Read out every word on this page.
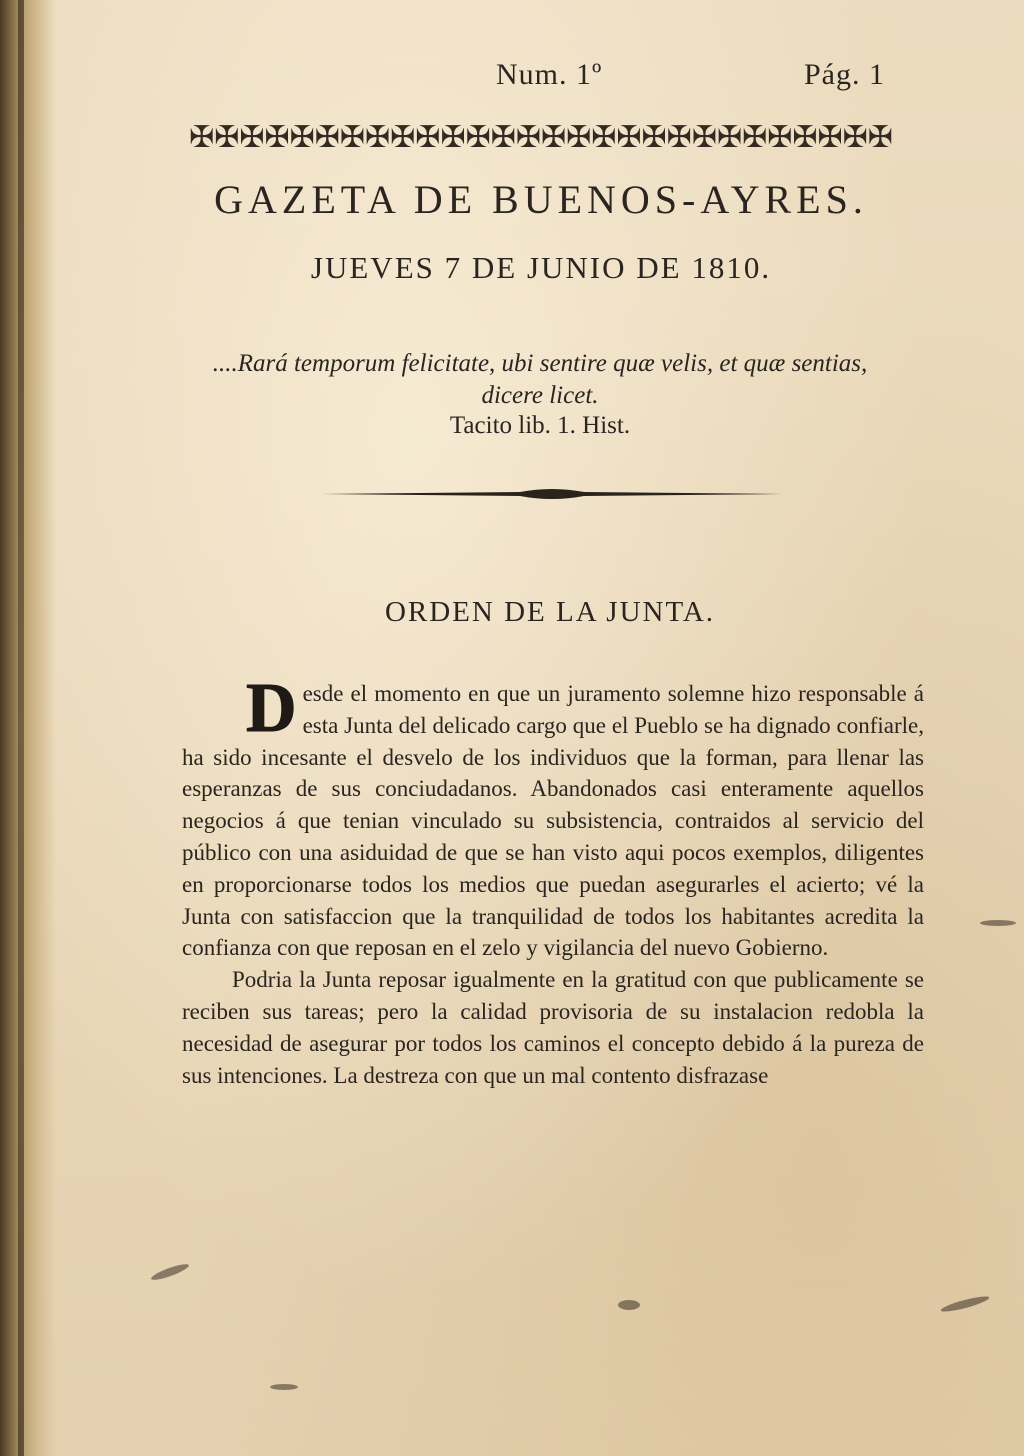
Num. 1º	Pág. 1
✠✠✠✠✠✠✠✠✠✠✠✠✠✠✠✠✠✠✠✠✠✠✠✠✠✠✠✠
GAZETA DE BUENOS-AYRES.
JUEVES 7 DE JUNIO DE 1810.
....Rará temporum felicitate, ubi sentire quæ velis, et quæ sentias, dicere licet.
Tacito lib. 1. Hist.
ORDEN DE LA JUNTA.

Desde el momento en que un juramento solemne hizo responsable á esta Junta del delicado cargo que el Pueblo se ha dignado confiarle, ha sido incesante el desvelo de los individuos que la forman, para llenar las esperanzas de sus conciudadanos. Abandonados casi enteramente aquellos negocios á que tenian vinculado su subsistencia, contraidos al servicio del público con una asiduidad de que se han visto aqui pocos exemplos, diligentes en proporcionarse todos los medios que puedan asegurarles el acierto; vé la Junta con satisfaccion que la tranquilidad de todos los habitantes acredita la confianza con que reposan en el zelo y vigilancia del nuevo Gobierno.

Podria la Junta reposar igualmente en la gratitud con que publicamente se reciben sus tareas; pero la calidad provisoria de su instalacion redobla la necesidad de asegurar por todos los caminos el concepto debido á la pureza de sus intenciones. La destreza con que un mal contento disfrazase
